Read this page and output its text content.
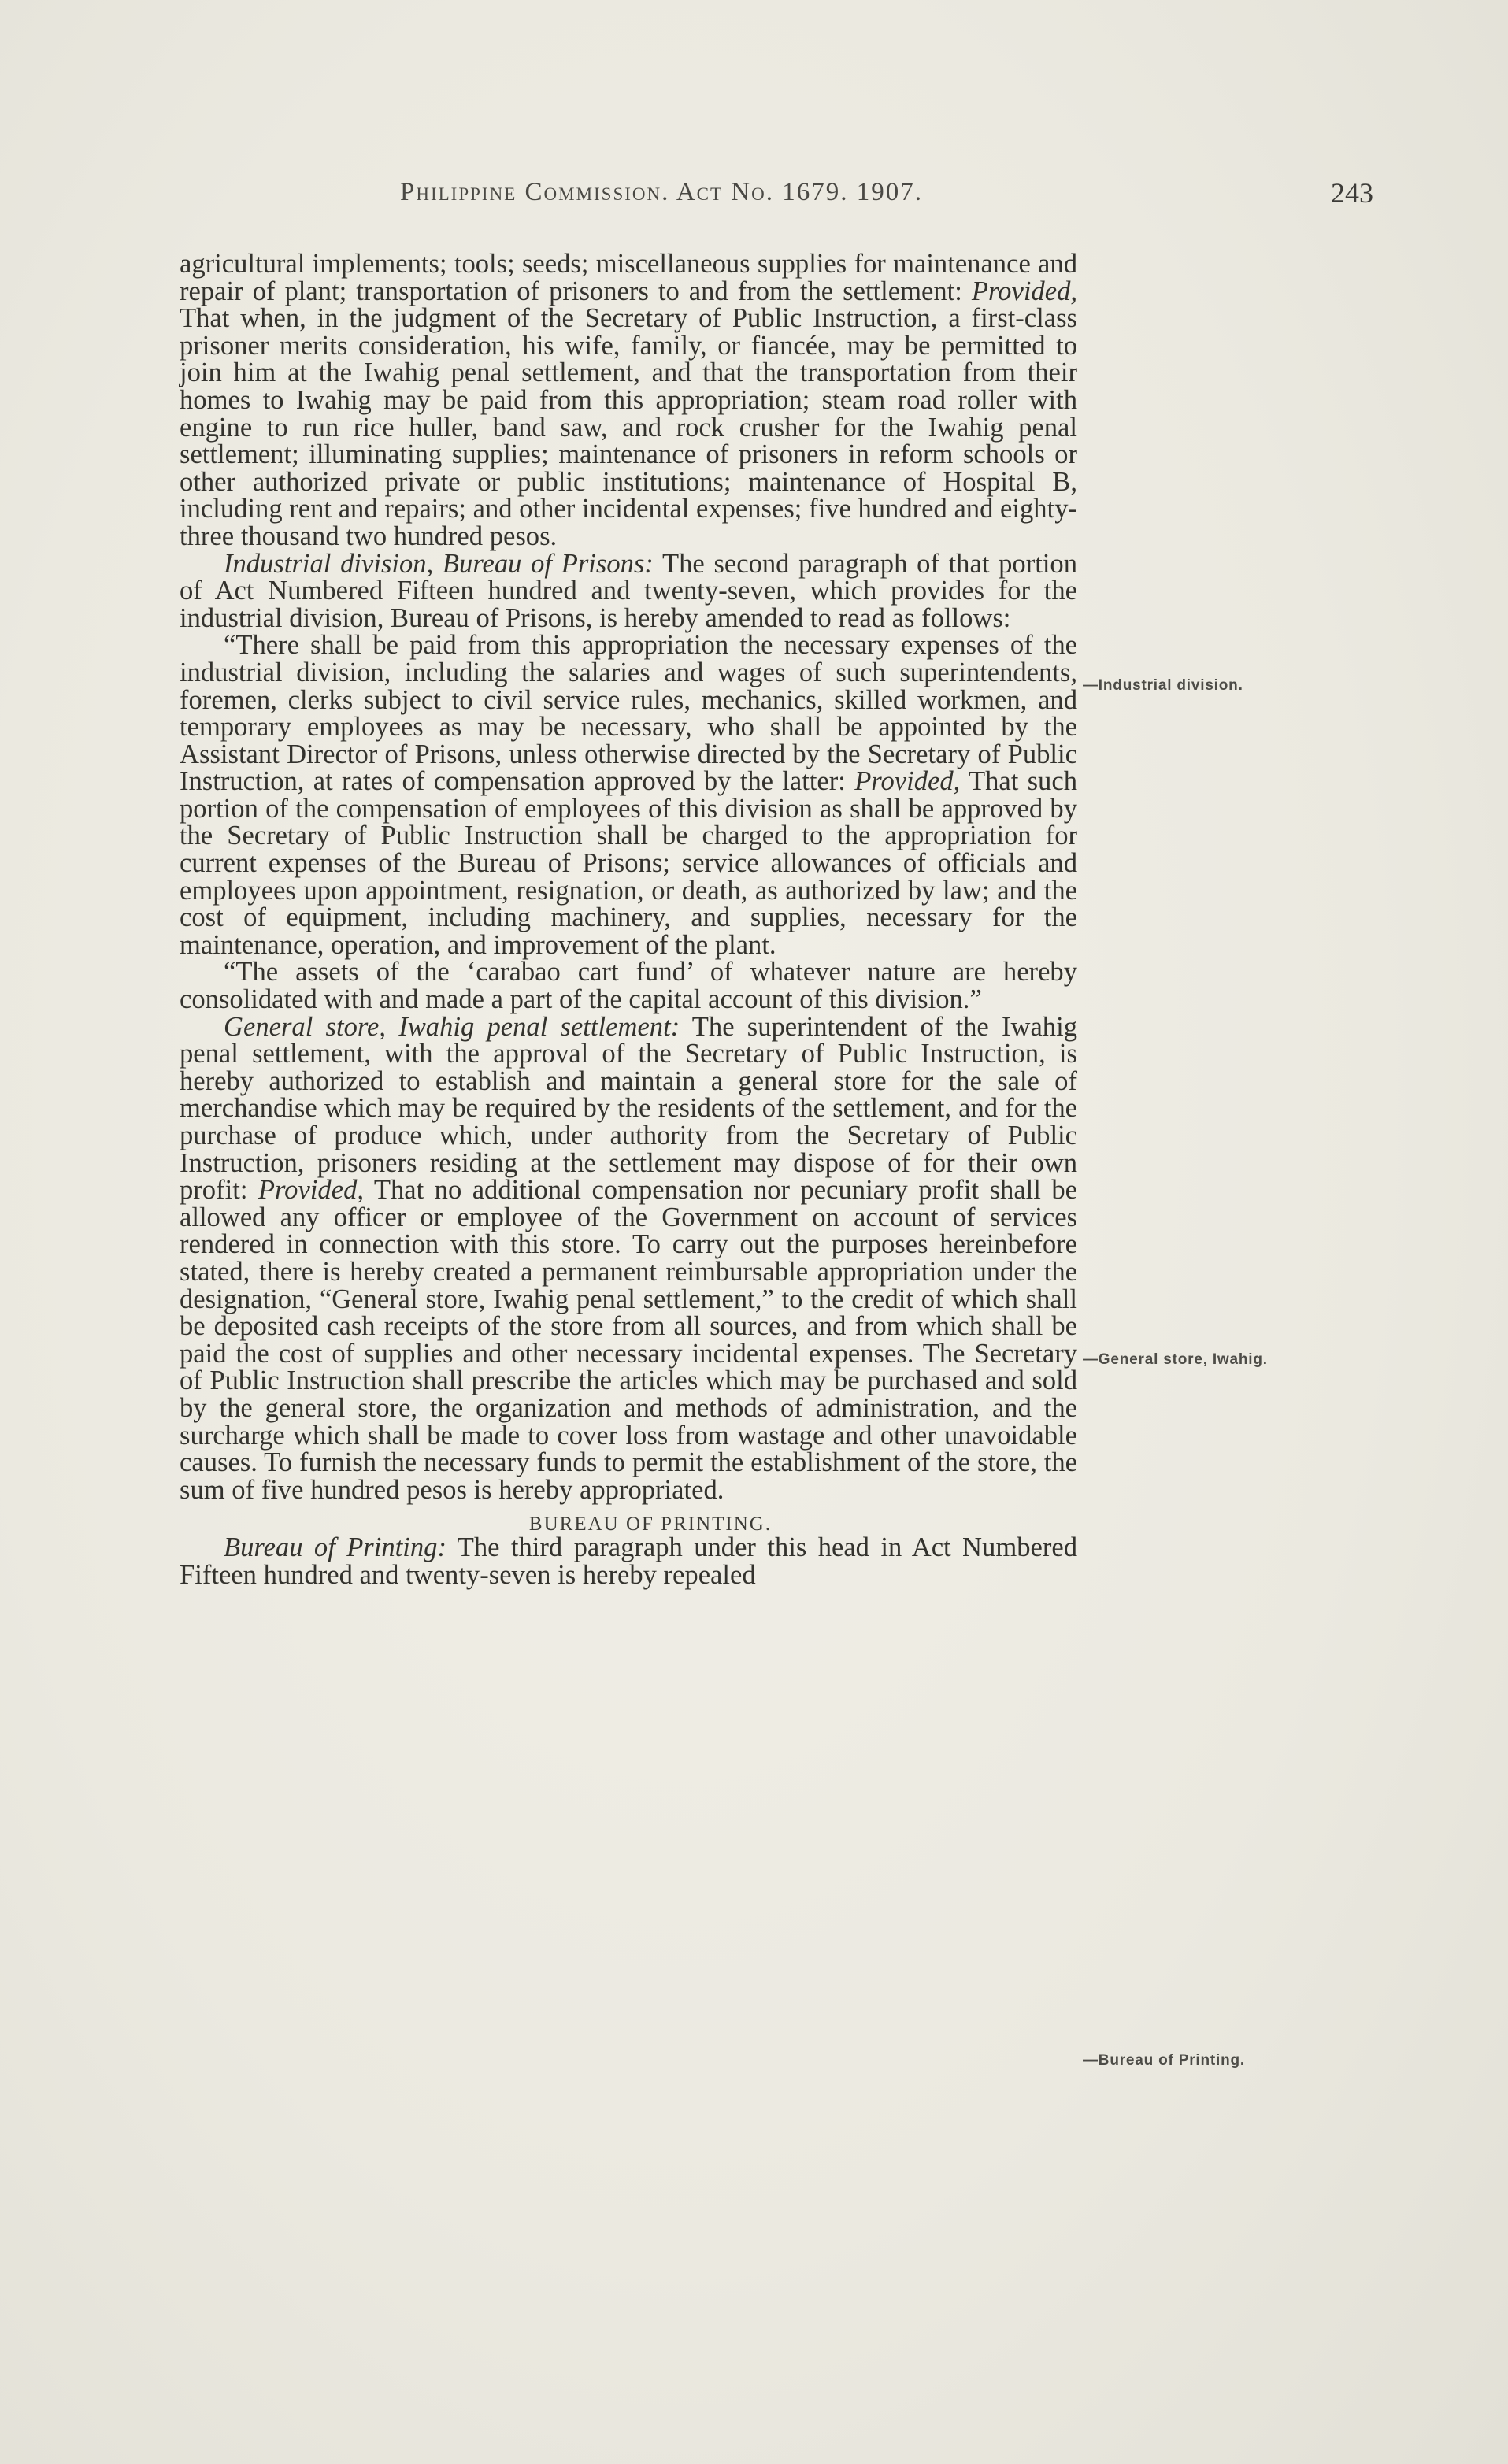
Philippine Commission. Act No. 1679. 1907.	243

agricultural implements; tools; seeds; miscellaneous supplies for maintenance and repair of plant; transportation of prisoners to and from the settlement: Provided, That when, in the judgment of the Secretary of Public Instruction, a first-class prisoner merits consideration, his wife, family, or fiancée, may be permitted to join him at the Iwahig penal settlement, and that the transportation from their homes to Iwahig may be paid from this appropriation; steam road roller with engine to run rice huller, band saw, and rock crusher for the Iwahig penal settlement; illuminating supplies; maintenance of prisoners in reform schools or other authorized private or public institutions; maintenance of Hospital B, including rent and repairs; and other incidental expenses; five hundred and eighty-three thousand two hundred pesos.

Industrial division, Bureau of Prisons: The second paragraph of that portion of Act Numbered Fifteen hundred and twenty-seven, which provides for the industrial division, Bureau of Prisons, is hereby amended to read as follows:

“There shall be paid from this appropriation the necessary expenses of the industrial division, including the salaries and wages of such superintendents, foremen, clerks subject to civil service rules, mechanics, skilled workmen, and temporary employees as may be necessary, who shall be appointed by the Assistant Director of Prisons, unless otherwise directed by the Secretary of Public Instruction, at rates of compensation approved by the latter: Provided, That such portion of the compensation of employees of this division as shall be approved by the Secretary of Public Instruction shall be charged to the appropriation for current expenses of the Bureau of Prisons; service allowances of officials and employees upon appointment, resignation, or death, as authorized by law; and the cost of equipment, including machinery, and supplies, necessary for the maintenance, operation, and improvement of the plant.

“The assets of the ‘carabao cart fund’ of whatever nature are hereby consolidated with and made a part of the capital account of this division.”

General store, Iwahig penal settlement: The superintendent of the Iwahig penal settlement, with the approval of the Secretary of Public Instruction, is hereby authorized to establish and maintain a general store for the sale of merchandise which may be required by the residents of the settlement, and for the purchase of produce which, under authority from the Secretary of Public Instruction, prisoners residing at the settlement may dispose of for their own profit: Provided, That no additional compensation nor pecuniary profit shall be allowed any officer or employee of the Government on account of services rendered in connection with this store. To carry out the purposes hereinbefore stated, there is hereby created a permanent reimbursable appropriation under the designation, “General store, Iwahig penal settlement,” to the credit of which shall be deposited cash receipts of the store from all sources, and from which shall be paid the cost of supplies and other necessary incidental expenses. The Secretary of Public Instruction shall prescribe the articles which may be purchased and sold by the general store, the organization and methods of administration, and the surcharge which shall be made to cover loss from wastage and other unavoidable causes. To furnish the necessary funds to permit the establishment of the store, the sum of five hundred pesos is hereby appropriated.

BUREAU OF PRINTING.

Bureau of Printing: The third paragraph under this head in Act Numbered Fifteen hundred and twenty-seven is hereby repealed

—Industrial division.
—General store, Iwahig.
—Bureau of Printing.
